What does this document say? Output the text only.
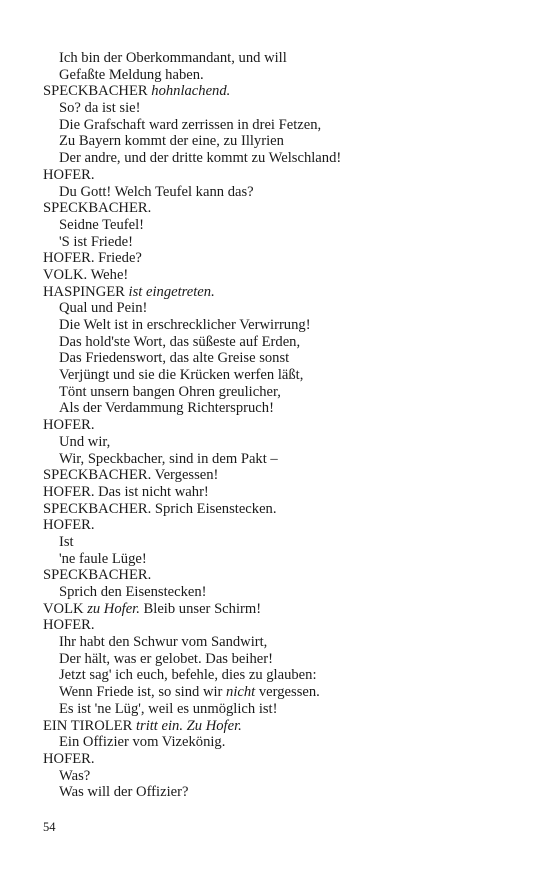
Ich bin der Oberkommandant, und will
Gefaßte Meldung haben.
SPECKBACHER hohnlachend.
So? da ist sie!
Die Grafschaft ward zerrissen in drei Fetzen,
Zu Bayern kommt der eine, zu Illyrien
Der andre, und der dritte kommt zu Welschland!
HOFER.
Du Gott! Welch Teufel kann das?
SPECKBACHER.
Seidne Teufel!
'S ist Friede!
HOFER. Friede?
VOLK. Wehe!
HASPINGER ist eingetreten.
Qual und Pein!
Die Welt ist in erschrecklicher Verwirrung!
Das hold'ste Wort, das süßeste auf Erden,
Das Friedenswort, das alte Greise sonst
Verjüngt und sie die Krücken werfen läßt,
Tönt unsern bangen Ohren greulicher,
Als der Verdammung Richterspruch!
HOFER.
Und wir,
Wir, Speckbacher, sind in dem Pakt –
SPECKBACHER. Vergessen!
HOFER. Das ist nicht wahr!
SPECKBACHER. Sprich Eisenstecken.
HOFER.
Ist
'ne faule Lüge!
SPECKBACHER.
Sprich den Eisenstecken!
VOLK zu Hofer. Bleib unser Schirm!
HOFER.
Ihr habt den Schwur vom Sandwirt,
Der hält, was er gelobet. Das beiher!
Jetzt sag' ich euch, befehle, dies zu glauben:
Wenn Friede ist, so sind wir nicht vergessen.
Es ist 'ne Lüg', weil es unmöglich ist!
EIN TIROLER tritt ein. Zu Hofer.
Ein Offizier vom Vizekönig.
HOFER.
Was?
Was will der Offizier?
54
